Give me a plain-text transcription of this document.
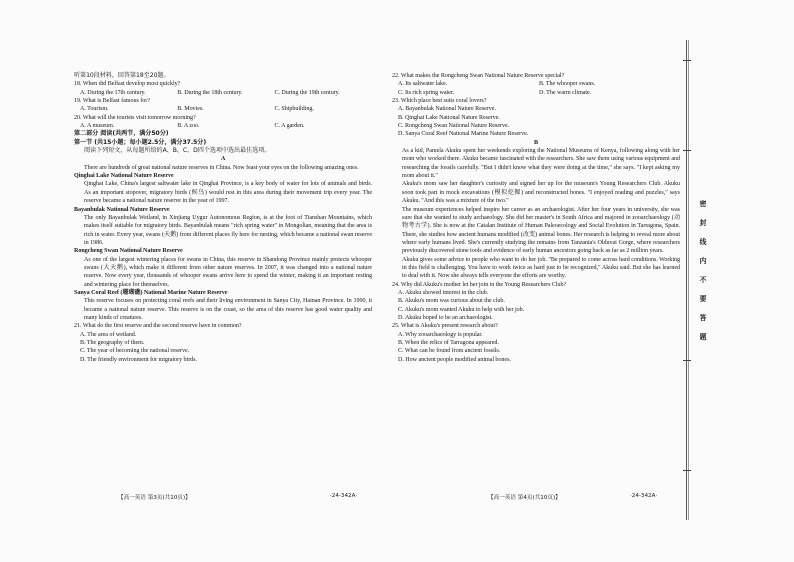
听第10段材料，回答第18至20题。

18. When did Belfast develop most quickly?

A. During the 17th century.	B. During the 18th century.	C. During the 19th century.

19. What is Belfast famous for?

A. Tourism.	B. Movies.	C. Shipbuilding.

20. What will the tourists visit tomorrow morning?

A. A museum.	B. A zoo.	C. A garden.

第二部分 阅读(共两节，满分50分)

第一节 (共15小题；每小题2.5分，满分37.5分)

阅读下列短文，从每题所给的A、B、C、D四个选项中选出最佳选项。

A

There are hundreds of great national nature reserves in China. Now feast your eyes on the following amazing ones.

Qinghai Lake National Nature Reserve

Qinghai Lake, China's largest saltwater lake in Qinghai Province, is a key body of water for lots of animals and birds. As an important stopover, migratory birds (候鸟) would rest in this area during their movement trip every year. The reserve became a national nature reserve in the year of 1997.

Bayanbulak National Nature Reserve

The only Bayanbulak Wetland, in Xinjiang Uygur Autonomous Region, is at the foot of Tianshan Mountains, which makes itself suitable for migratory birds. Bayanbulak means "rich spring water" in Mongolian, meaning that the area is rich in water. Every year, swans (天鹅) from different places fly here for nesting, which became a national swan reserve in 1986.

Rongcheng Swan National Nature Reserve

As one of the largest wintering places for swans in China, this reserve in Shandong Province mainly protects whooper swans (大天鹅), which make it different from other nature reserves. In 2007, it was changed into a national nature reserve. Now every year, thousands of whooper swans arrive here to spend the winter, making it an important resting and wintering place for themselves.

Sanya Coral Reef (珊瑚礁) National Marine Nature Reserve

This reserve focuses on protecting coral reefs and their living environment in Sanya City, Hainan Province. In 1990, it became a national nature reserve. This reserve is on the coast, so the area of this reserve has good water quality and many kinds of creatures.

21. What do the first reserve and the second reserve have in common?

A. The area of wetland.

B. The geography of them.

C. The year of becoming the national reserve.

D. The friendly environment for migratory birds.

22. What makes the Rongcheng Swan National Nature Reserve special?

A. Its saltwater lake.	B. The whooper swans.
C. Its rich spring water.	D. The warm climate.

23. Which place best suits coral lovers?

A. Bayanbulak National Nature Reserve.

B. Qinghai Lake National Nature Reserve.

C. Rongcheng Swan National Nature Reserve.

D. Sanya Coral Reef National Marine Nature Reserve.

B

As a kid, Pamela Akuku spent her weekends exploring the National Museums of Kenya, following along with her mom who worked there. Akuku became fascinated with the researchers. She saw them using various equipment and researching the fossils carefully. "But I didn't know what they were doing at the time," she says. "I kept asking my mom about it."

Akuku's mom saw her daughter's curiosity and signed her up for the museum's Young Researchers Club. Akuku soon took part in mock excavations (模拟挖掘) and reconstructed bones. "I enjoyed reading and puzzles," says Akuku. "And this was a mixture of the two."

The museum experiences helped inspire her career as an archaeologist. After her four years in university, she was sure that she wanted to study archaeology. She did her master's in South Africa and majored in zooarchaeology (动物考古学). She is now at the Catalan Institute of Human Paleoecology and Social Evolution in Tarragona, Spain. There, she studies how ancient humans modified (改变) animal bones. Her research is helping to reveal more about where early humans lived. She's currently studying the remains from Tanzania's Olduvai Gorge, where researchers previously discovered stone tools and evidence of early human ancestors going back as far as 2 million years.

Akuku gives some advice to people who want to do her job. "Be prepared to come across hard conditions. Working in this field is challenging. You have to work twice as hard just to be recognized," Akuku said. But she has learned to deal with it. Now she always tells everyone the efforts are worthy.

24. Why did Akuku's mother let her join in the Young Researchers Club?

A. Akuku showed interest in the club.

B. Akuku's mom was curious about the club.

C. Akuku's mom wanted Akuku to help with her job.

D. Akuku hoped to be an archaeologist.

25. What is Akuku's present research about?

A. Why zooarchaeology is popular.

B. When the relics of Tarragona appeared.

C. What can be found from ancient fossils.

D. How ancient people modified animal bones.

【高一英语 第3页(共10页)】	·24-342A·	【高一英语 第4页(共10页)】	·24-342A·
密
封
线
内
不
要
答
题
